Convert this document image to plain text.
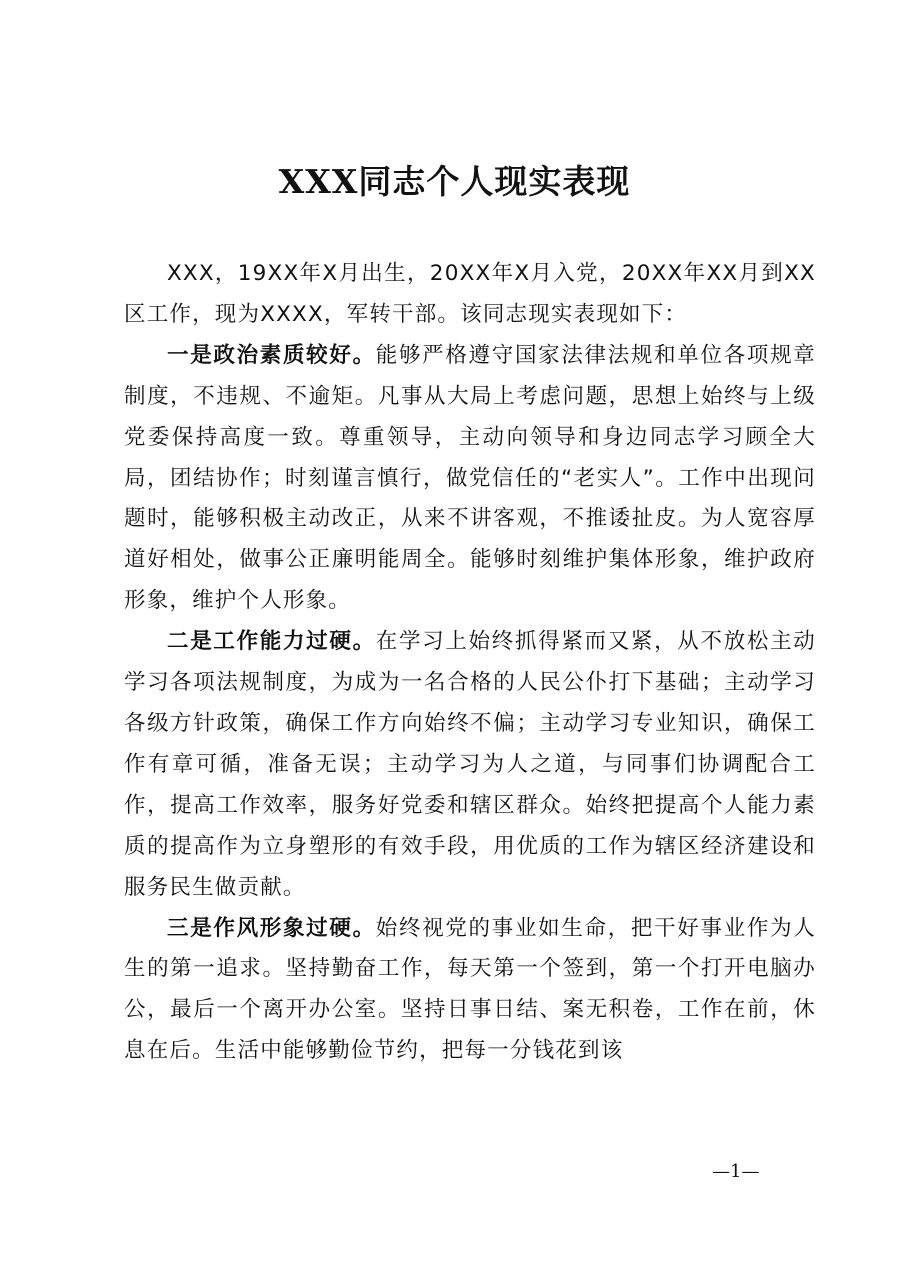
XXX同志个人现实表现

XXX，19XX年X月出生，20XX年X月入党，20XX年XX月到XX区工作，现为XXXX，军转干部。该同志现实表现如下：

一是政治素质较好。能够严格遵守国家法律法规和单位各项规章制度，不违规、不逾矩。凡事从大局上考虑问题，思想上始终与上级党委保持高度一致。尊重领导，主动向领导和身边同志学习顾全大局，团结协作；时刻谨言慎行，做党信任的“老实人”。工作中出现问题时，能够积极主动改正，从来不讲客观，不推诿扯皮。为人宽容厚道好相处，做事公正廉明能周全。能够时刻维护集体形象，维护政府形象，维护个人形象。

二是工作能力过硬。在学习上始终抓得紧而又紧，从不放松主动学习各项法规制度，为成为一名合格的人民公仆打下基础；主动学习各级方针政策，确保工作方向始终不偏；主动学习专业知识，确保工作有章可循，准备无误；主动学习为人之道，与同事们协调配合工作，提高工作效率，服务好党委和辖区群众。始终把提高个人能力素质的提高作为立身塑形的有效手段，用优质的工作为辖区经济建设和服务民生做贡献。

三是作风形象过硬。始终视党的事业如生命，把干好事业作为人生的第一追求。坚持勤奋工作，每天第一个签到，第一个打开电脑办公，最后一个离开办公室。坚持日事日结、案无积卷，工作在前，休息在后。生活中能够勤俭节约，把每一分钱花到该

—1—
